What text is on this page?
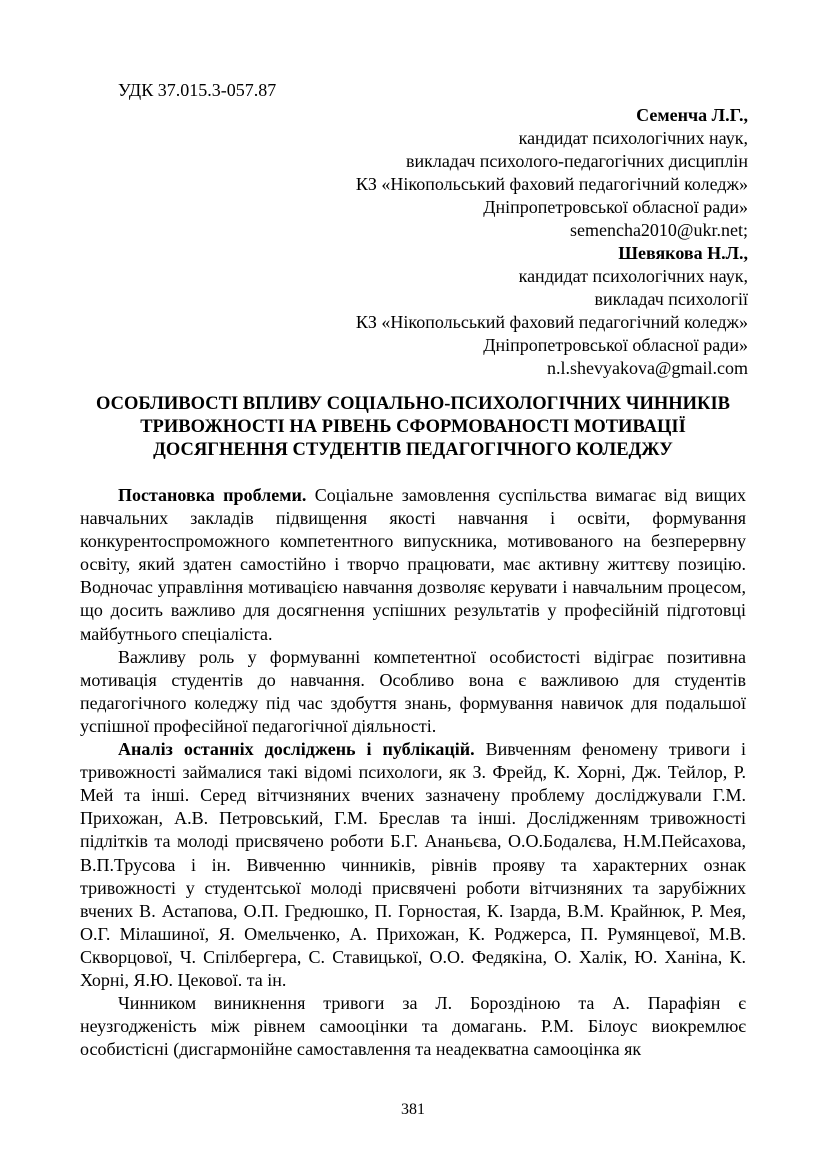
УДК 37.015.3-057.87
Семенча Л.Г.,
кандидат психологічних наук,
викладач психолого-педагогічних дисциплін
КЗ «Нікопольський фаховий педагогічний коледж»
Дніпропетровської обласної ради»
semencha2010@ukr.net;
Шевякова Н.Л.,
кандидат психологічних наук,
викладач психології
КЗ «Нікопольський фаховий педагогічний коледж»
Дніпропетровської обласної ради»
n.l.shevyakova@gmail.com
ОСОБЛИВОСТІ ВПЛИВУ СОЦІАЛЬНО-ПСИХОЛОГІЧНИХ ЧИННИКІВ ТРИВОЖНОСТІ НА РІВЕНЬ СФОРМОВАНОСТІ МОТИВАЦІЇ ДОСЯГНЕННЯ СТУДЕНТІВ ПЕДАГОГІЧНОГО КОЛЕДЖУ

Постановка проблеми. Соціальне замовлення суспільства вимагає від вищих навчальних закладів підвищення якості навчання і освіти, формування конкурентоспроможного компетентного випускника, мотивованого на безперервну освіту, який здатен самостійно і творчо працювати, має активну життєву позицію. Водночас управління мотивацією навчання дозволяє керувати і навчальним процесом, що досить важливо для досягнення успішних результатів у професійній підготовці майбутнього спеціаліста.

Важливу роль у формуванні компетентної особистості відіграє позитивна мотивація студентів до навчання. Особливо вона є важливою для студентів педагогічного коледжу під час здобуття знань, формування навичок для подальшої успішної професійної педагогічної діяльності.

Аналіз останніх досліджень і публікацій. Вивченням феномену тривоги і тривожності займалися такі відомі психологи, як З. Фрейд, К. Хорні, Дж. Тейлор, Р. Мей та інші. Серед вітчизняних вчених зазначену проблему досліджували Г.М. Прихожан, А.В. Петровський, Г.М. Бреслав та інші. Дослідженням тривожності підлітків та молоді присвячено роботи Б.Г. Ананьєва, О.О.Бодалєва, Н.М.Пейсахова, В.П.Трусова і ін. Вивченню чинників, рівнів прояву та характерних ознак тривожності у студентської молоді присвячені роботи вітчизняних та зарубіжних вчених В. Астапова, О.П. Гредюшко, П. Горностая, К. Ізарда, В.М. Крайнюк, Р. Мея, О.Г. Мілашиної, Я. Омельченко, А. Прихожан, К. Роджерса, П. Румянцевої, М.В. Скворцової, Ч. Спілбергера, С. Ставицької, О.О. Федякіна, О. Халік, Ю. Ханіна, К. Хорні, Я.Ю. Цекової. та ін.

Чинником виникнення тривоги за Л. Бороздіною та А. Парафіян є неузгодженість між рівнем самооцінки та домагань. Р.М. Білоус виокремлює особистісні (дисгармонійне самоставлення та неадекватна самооцінка як

381
